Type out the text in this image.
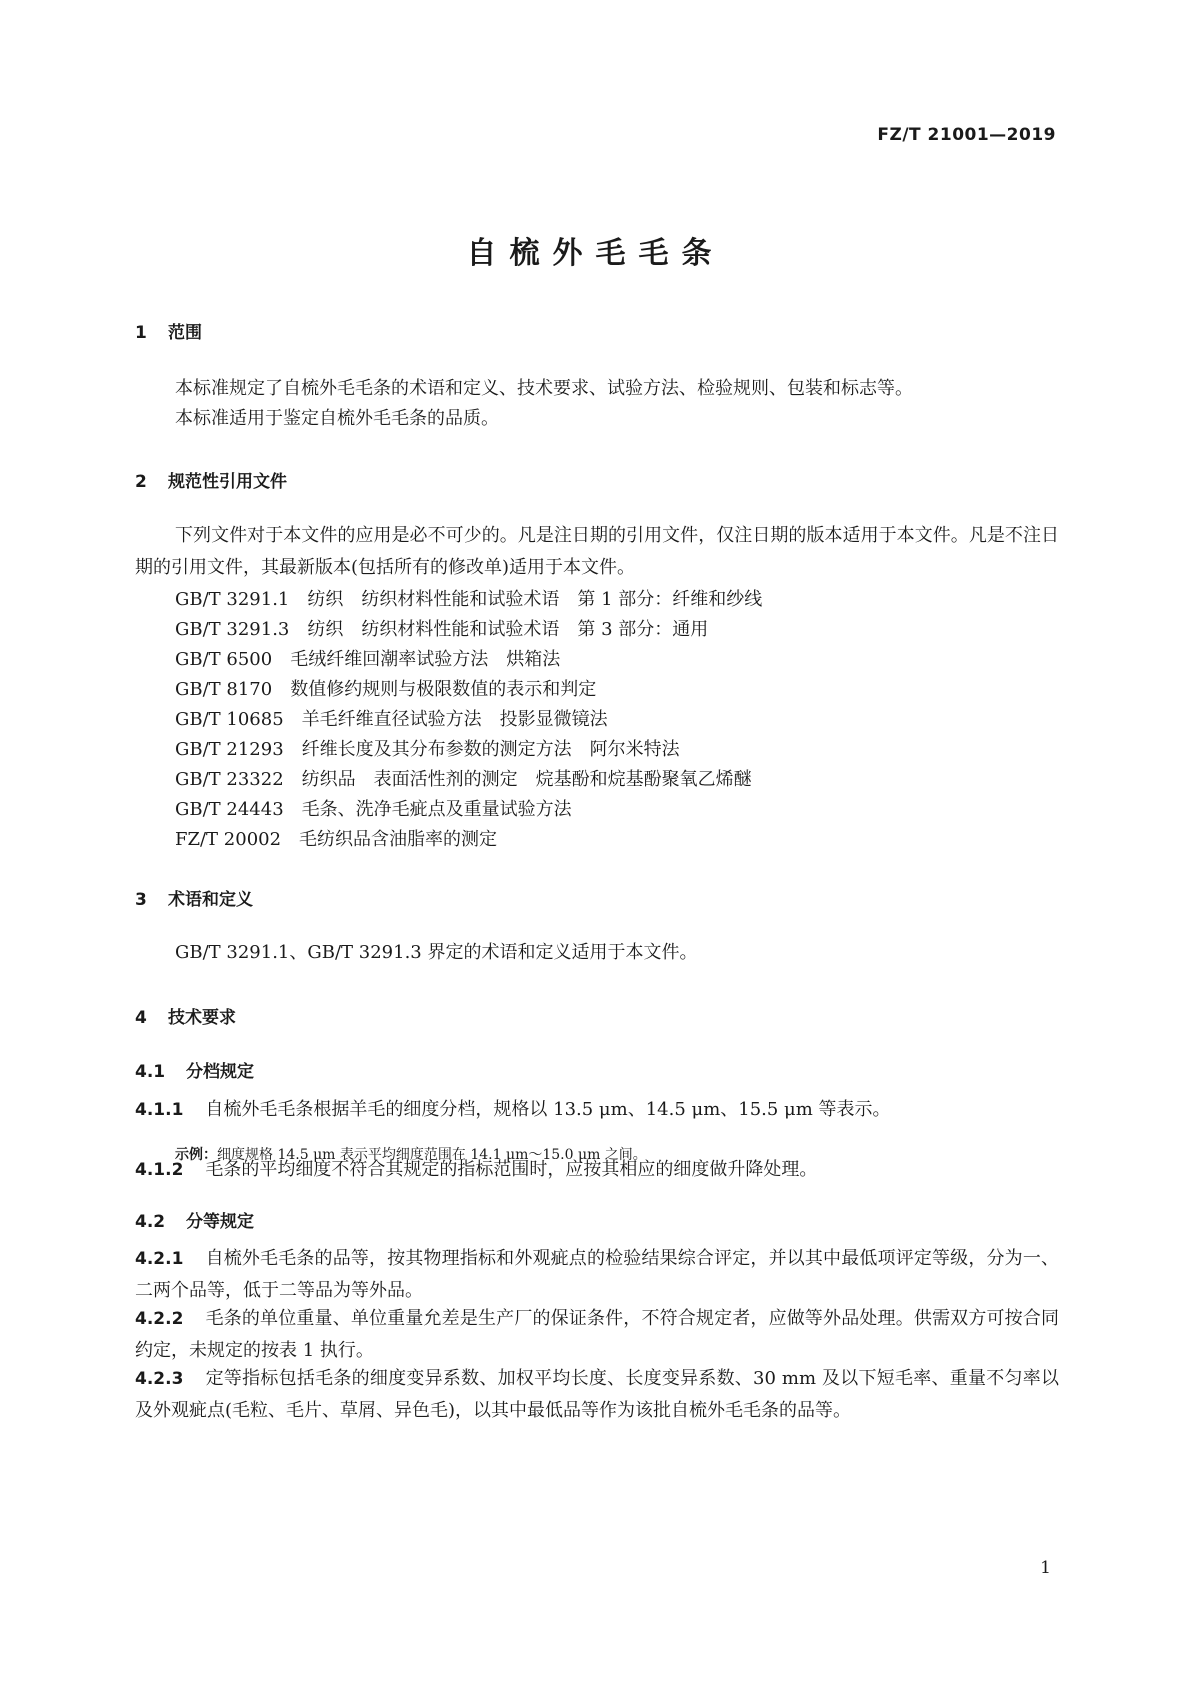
FZ/T 21001—2019
自梳外毛毛条
1 范围
本标准规定了自梳外毛毛条的术语和定义、技术要求、试验方法、检验规则、包装和标志等。
本标准适用于鉴定自梳外毛毛条的品质。
2 规范性引用文件
下列文件对于本文件的应用是必不可少的。凡是注日期的引用文件，仅注日期的版本适用于本文件。凡是不注日期的引用文件，其最新版本(包括所有的修改单)适用于本文件。
GB/T 3291.1　纺织　纺织材料性能和试验术语　第 1 部分：纤维和纱线
GB/T 3291.3　纺织　纺织材料性能和试验术语　第 3 部分：通用
GB/T 6500　毛绒纤维回潮率试验方法　烘箱法
GB/T 8170　数值修约规则与极限数值的表示和判定
GB/T 10685　羊毛纤维直径试验方法　投影显微镜法
GB/T 21293　纤维长度及其分布参数的测定方法　阿尔米特法
GB/T 23322　纺织品　表面活性剂的测定　烷基酚和烷基酚聚氧乙烯醚
GB/T 24443　毛条、洗净毛疵点及重量试验方法
FZ/T 20002　毛纺织品含油脂率的测定
3 术语和定义
GB/T 3291.1、GB/T 3291.3 界定的术语和定义适用于本文件。
4 技术要求
4.1 分档规定
4.1.1 自梳外毛毛条根据羊毛的细度分档，规格以 13.5 μm、14.5 μm、15.5 μm 等表示。
示例：细度规格 14.5 μm 表示平均细度范围在 14.1 μm～15.0 μm 之间。
4.1.2 毛条的平均细度不符合其规定的指标范围时，应按其相应的细度做升降处理。
4.2 分等规定
4.2.1 自梳外毛毛条的品等，按其物理指标和外观疵点的检验结果综合评定，并以其中最低项评定等级，分为一、二两个品等，低于二等品为等外品。
4.2.2 毛条的单位重量、单位重量允差是生产厂的保证条件，不符合规定者，应做等外品处理。供需双方可按合同约定，未规定的按表 1 执行。
4.2.3 定等指标包括毛条的细度变异系数、加权平均长度、长度变异系数、30 mm 及以下短毛率、重量不匀率以及外观疵点(毛粒、毛片、草屑、异色毛)，以其中最低品等作为该批自梳外毛毛条的品等。
1
